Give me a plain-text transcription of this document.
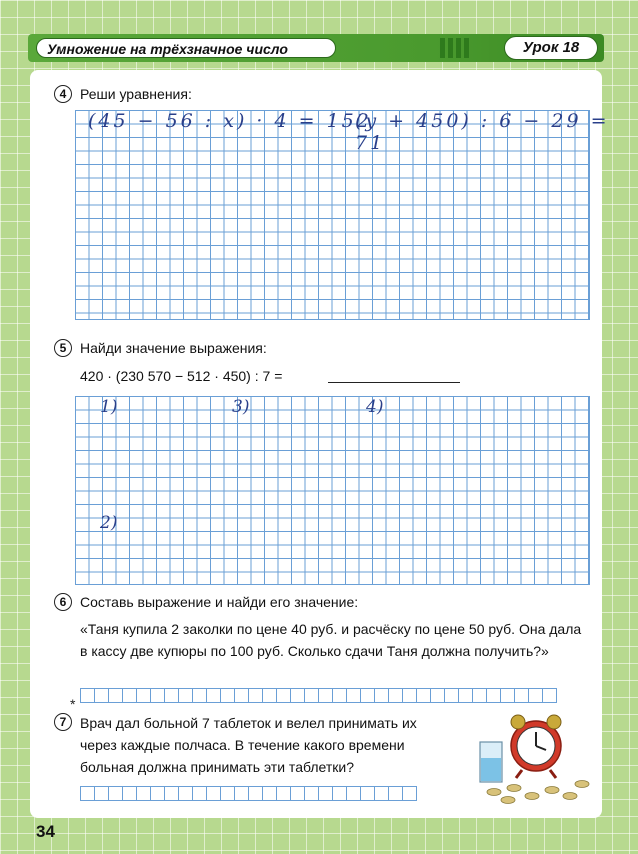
Умножение на трёхзначное число	Урок 18
4 Реши уравнения:
(45 − 56 : x) · 4 = 152
(y + 450) : 6 − 29 = 71
5 Найди значение выражения:
420 · (230 570 − 512 · 450) : 7 =
1)	3)	4)
2)
6 Составь выражение и найди его значение:
«Таня купила 2 заколки по цене 40 руб. и расчёску по цене 50 руб. Она дала в кассу две купюры по 100 руб. Сколько сдачи Таня должна получить?»
7
*
Врач дал больной 7 таблеток и велел принимать их через каждые полчаса. В течение какого времени больная должна принимать эти таблетки?
34
